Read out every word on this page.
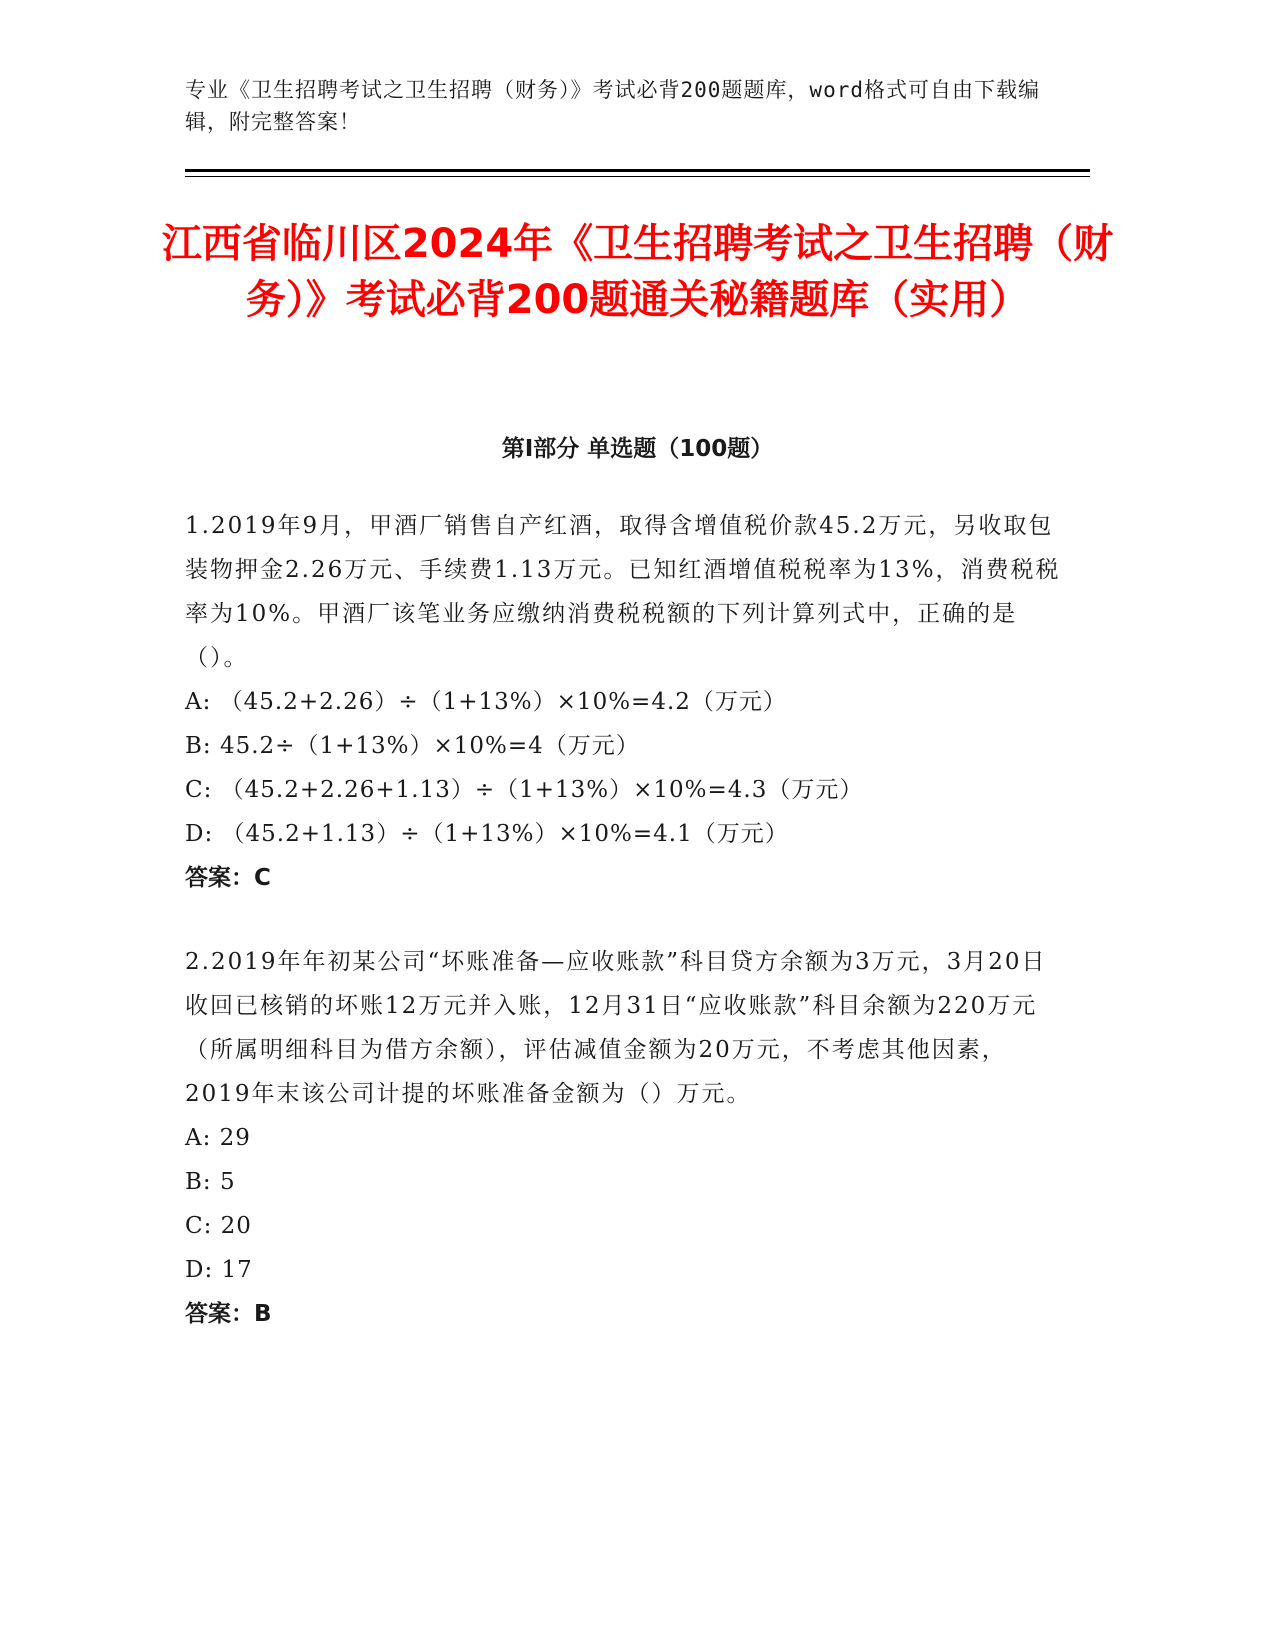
专业《卫生招聘考试之卫生招聘（财务）》考试必背200题题库，word格式可自由下载编辑，附完整答案！
江西省临川区2024年《卫生招聘考试之卫生招聘（财务）》考试必背200题通关秘籍题库（实用）
第Ⅰ部分 单选题（100题）

1.2019年9月，甲酒厂销售自产红酒，取得含增值税价款45.2万元，另收取包装物押金2.26万元、手续费1.13万元。已知红酒增值税税率为13%，消费税税率为10%。甲酒厂该笔业务应缴纳消费税税额的下列计算列式中，正确的是（）。

A: （45.2+2.26）÷（1+13%）×10%=4.2（万元）

B: 45.2÷（1+13%）×10%=4（万元）

C: （45.2+2.26+1.13）÷（1+13%）×10%=4.3（万元）

D: （45.2+1.13）÷（1+13%）×10%=4.1（万元）

答案：C

2.2019年年初某公司“坏账准备—应收账款”科目贷方余额为3万元，3月20日收回已核销的坏账12万元并入账，12月31日“应收账款”科目余额为220万元（所属明细科目为借方余额），评估减值金额为20万元，不考虑其他因素，2019年末该公司计提的坏账准备金额为（）万元。

A: 29

B: 5

C: 20

D: 17

答案：B
